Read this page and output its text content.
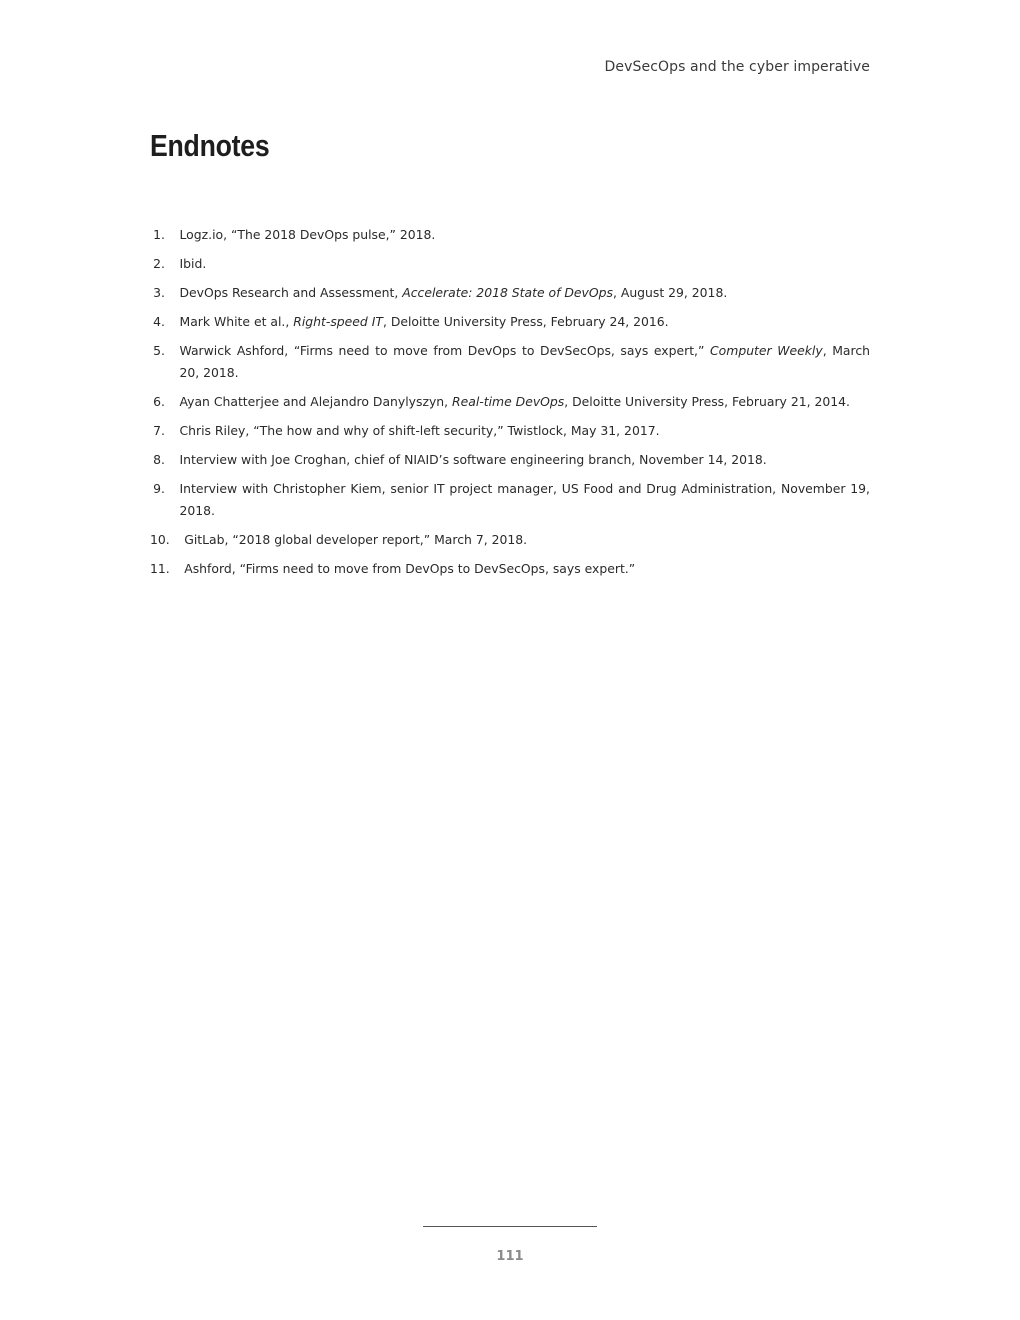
DevSecOps and the cyber imperative
Endnotes
1.	Logz.io, “The 2018 DevOps pulse,” 2018.
2.	Ibid.
3.	DevOps Research and Assessment, Accelerate: 2018 State of DevOps, August 29, 2018.
4.	Mark White et al., Right-speed IT, Deloitte University Press, February 24, 2016.
5.	Warwick Ashford, “Firms need to move from DevOps to DevSecOps, says expert,” Computer Weekly, March 20, 2018.
6.	Ayan Chatterjee and Alejandro Danylyszyn, Real-time DevOps, Deloitte University Press, February 21, 2014.
7.	Chris Riley, “The how and why of shift-left security,” Twistlock, May 31, 2017.
8.	Interview with Joe Croghan, chief of NIAID’s software engineering branch, November 14, 2018.
9.	Interview with Christopher Kiem, senior IT project manager, US Food and Drug Administration, November 19, 2018.
10.	GitLab, “2018 global developer report,” March 7, 2018.
11.	Ashford, “Firms need to move from DevOps to DevSecOps, says expert.”
111
